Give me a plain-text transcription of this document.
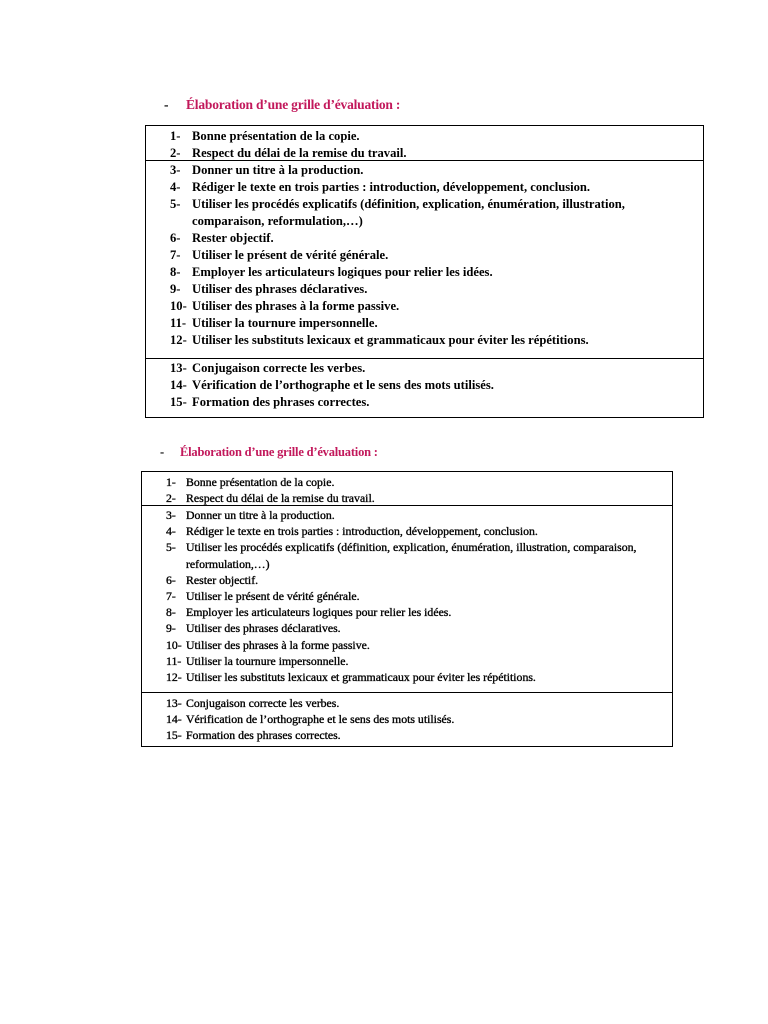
- Élaboration d’une grille d’évaluation :
1- Bonne présentation de la copie.
2- Respect du délai de la remise du travail.
3- Donner un titre à la production.
4- Rédiger le texte en trois parties : introduction, développement, conclusion.
5- Utiliser les procédés explicatifs (définition, explication, énumération, illustration, comparaison, reformulation,…)
6- Rester objectif.
7- Utiliser le présent de vérité générale.
8- Employer les articulateurs logiques pour relier les idées.
9- Utiliser des phrases déclaratives.
10- Utiliser des phrases à la forme passive.
11- Utiliser la tournure impersonnelle.
12- Utiliser les substituts lexicaux et grammaticaux pour éviter les répétitions.
13- Conjugaison correcte les verbes.
14- Vérification de l’orthographe et le sens des mots utilisés.
15- Formation des phrases correctes.
- Élaboration d’une grille d’évaluation :
1- Bonne présentation de la copie.
2- Respect du délai de la remise du travail.
3- Donner un titre à la production.
4- Rédiger le texte en trois parties : introduction, développement, conclusion.
5- Utiliser les procédés explicatifs (définition, explication, énumération, illustration, comparaison, reformulation,…)
6- Rester objectif.
7- Utiliser le présent de vérité générale.
8- Employer les articulateurs logiques pour relier les idées.
9- Utiliser des phrases déclaratives.
10- Utiliser des phrases à la forme passive.
11- Utiliser la tournure impersonnelle.
12- Utiliser les substituts lexicaux et grammaticaux pour éviter les répétitions.
13- Conjugaison correcte les verbes.
14- Vérification de l’orthographe et le sens des mots utilisés.
15- Formation des phrases correctes.
